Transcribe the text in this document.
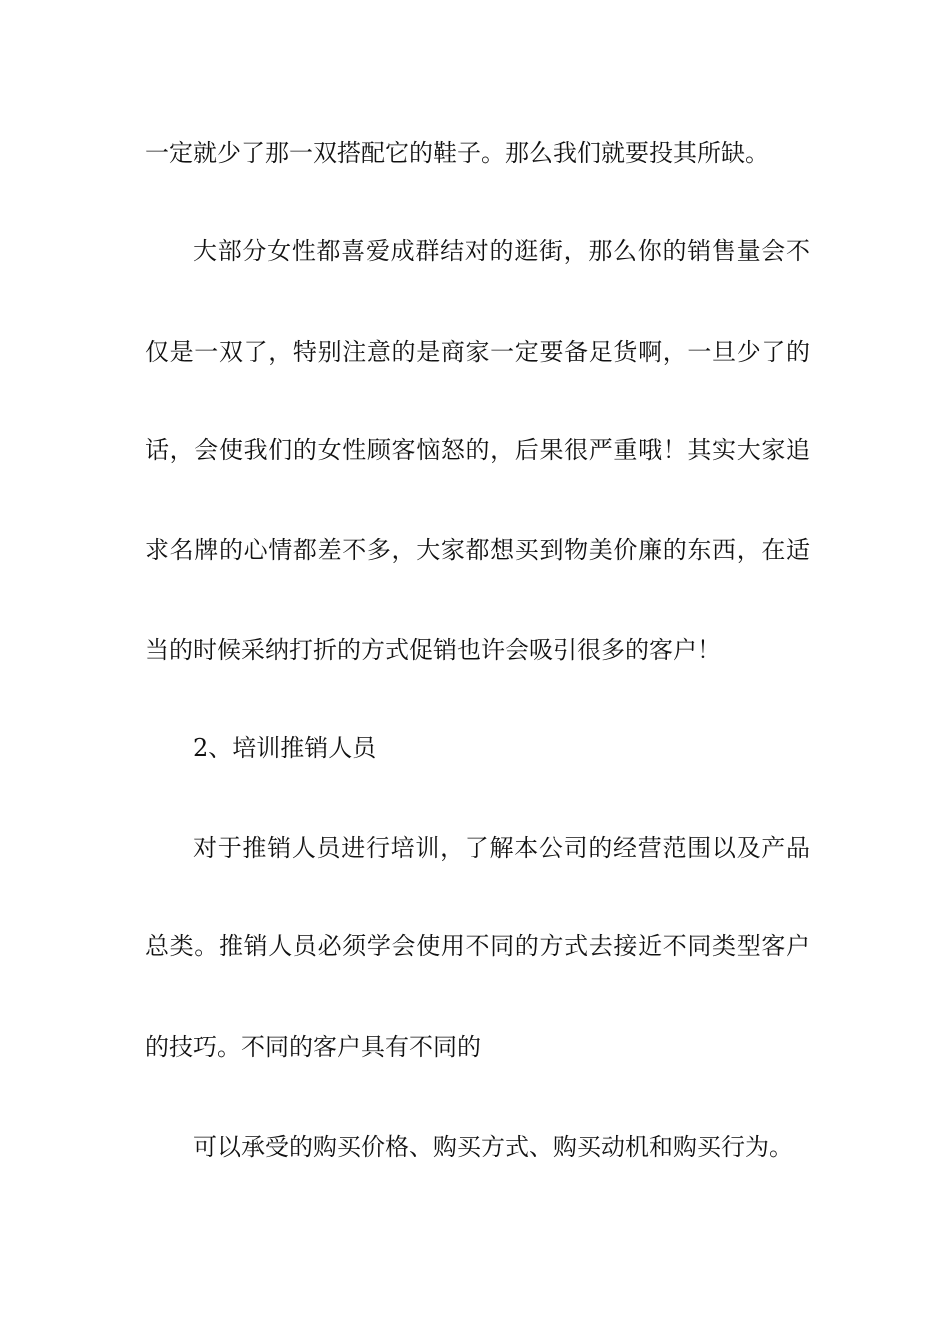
一定就少了那一双搭配它的鞋子。那么我们就要投其所缺。
大部分女性都喜爱成群结对的逛街，那么你的销售量会不
仅是一双了，特别注意的是商家一定要备足货啊，一旦少了的
话，会使我们的女性顾客恼怒的，后果很严重哦！其实大家追
求名牌的心情都差不多，大家都想买到物美价廉的东西，在适
当的时候采纳打折的方式促销也许会吸引很多的客户！
2、培训推销人员
对于推销人员进行培训，了解本公司的经营范围以及产品
总类。推销人员必须学会使用不同的方式去接近不同类型客户
的技巧。不同的客户具有不同的
可以承受的购买价格、购买方式、购买动机和购买行为。
